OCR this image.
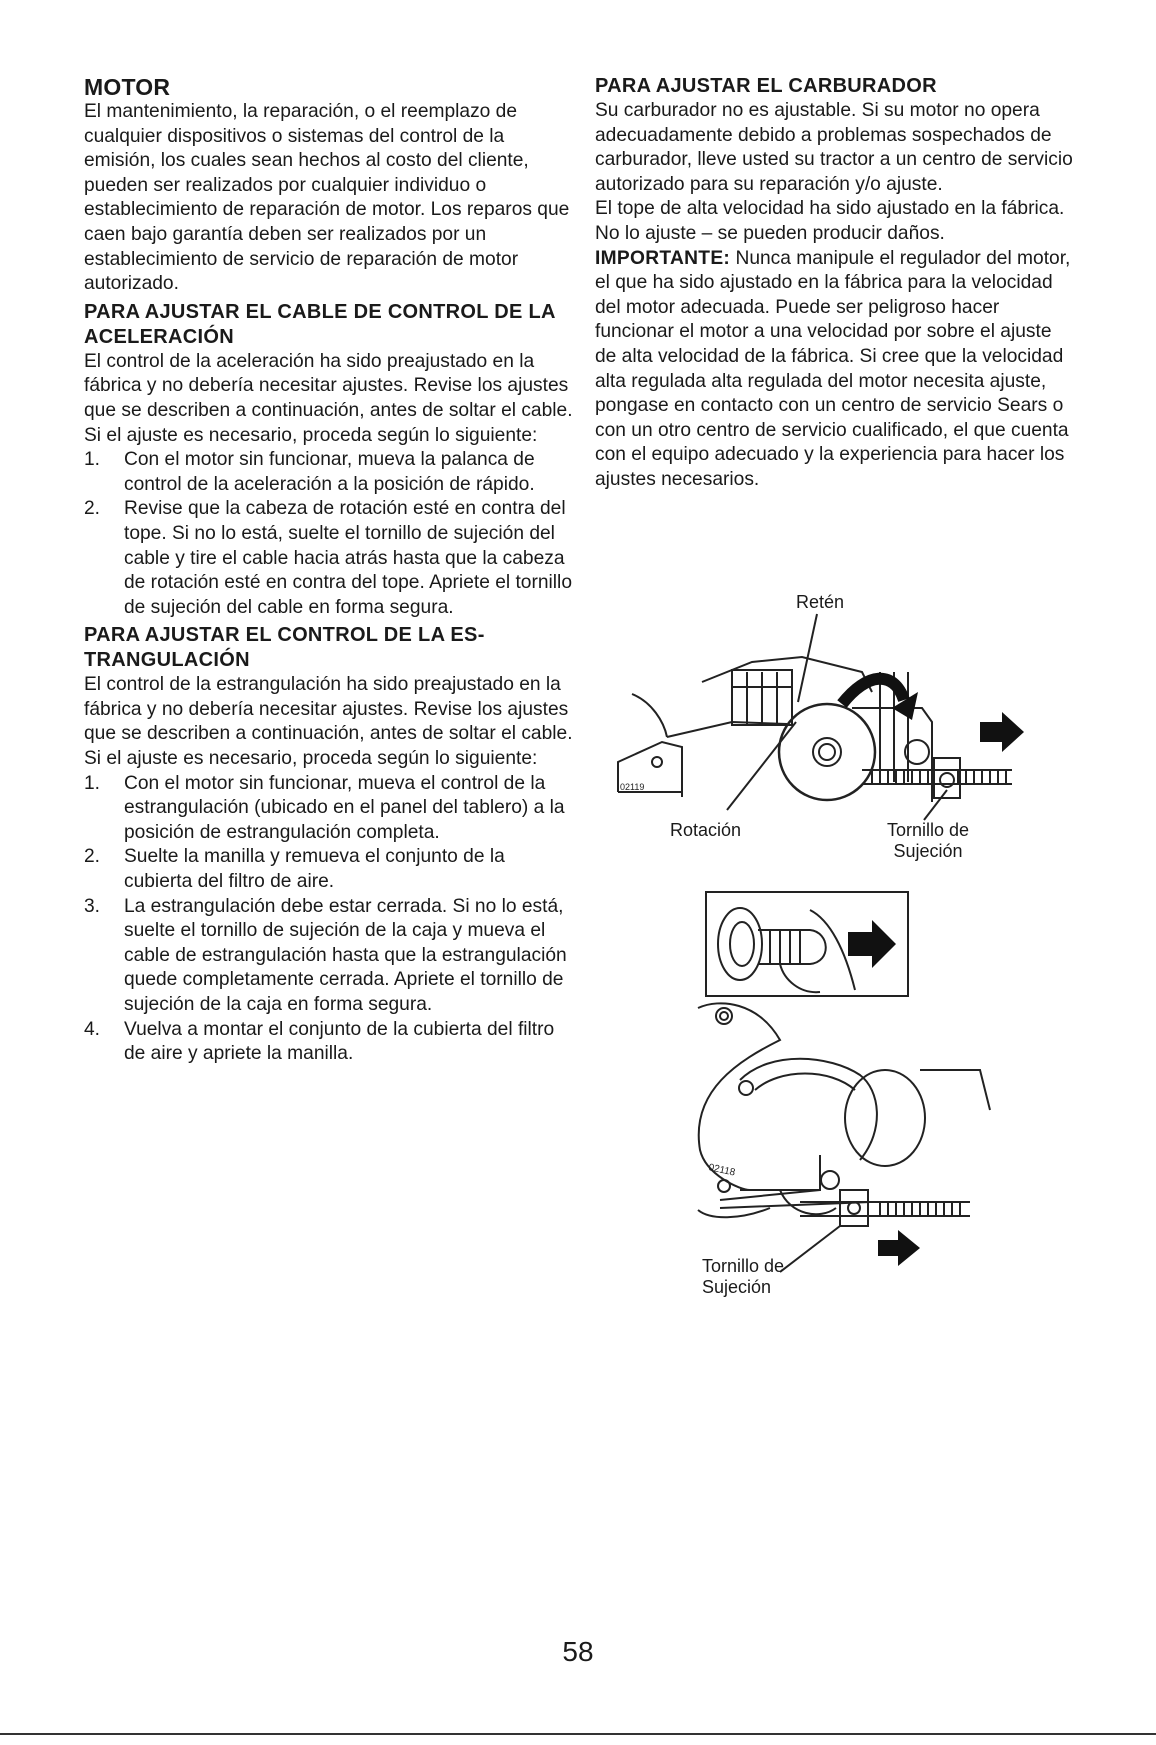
MOTOR

El mantenimiento, la reparación, o el reemplazo de cualquier dispositivos o sistemas del control de la emisión, los cuales sean hechos al costo del cliente, pueden ser realizados por cualquier individuo o establecimiento de reparación de motor. Los reparos que caen bajo garantía deben ser realizados por un establecimiento de servicio de reparación de motor autorizado.

PARA AJUSTAR EL CABLE DE CONTROL DE LA ACELERACIÓN

El control de la aceleración ha sido preajustado en la fábrica y no debería necesitar ajustes. Revise los ajustes que se describen a continuación, antes de soltar el cable. Si el ajuste es necesario, proceda según lo siguiente:

1. Con el motor sin funcionar, mueva la palanca de control de la aceleración a la posición de rápido.
2. Revise que la cabeza de rotación esté en contra del tope. Si no lo está, suelte el tornillo de sujeción del cable y tire el cable hacia atrás hasta que la cabeza de rotación esté en contra del tope. Apriete el tornillo de sujeción del cable en forma segura.
PARA AJUSTAR EL CONTROL DE LA ES-TRANGULACIÓN

El control de la estrangulación ha sido preajustado en la fábrica y no debería necesitar ajustes. Revise los ajustes que se describen a continuación, antes de soltar el cable. Si el ajuste es necesario, proceda según lo siguiente:

1. Con el motor sin funcionar, mueva el control de la estrangulación (ubicado en el panel del tablero) a la posición de estrangulación completa.
2. Suelte la manilla y remueva el conjunto de la cubierta del filtro de aire.
3. La estrangulación debe estar cerrada. Si no lo está, suelte el tornillo de sujeción de la caja y mueva el cable de estrangulación hasta que la estrangulación quede completamente cerrada. Apriete el tornillo de sujeción de la caja en forma segura.
4. Vuelva a montar el conjunto de la cubierta del filtro de aire y apriete la manilla.
PARA AJUSTAR EL CARBURADOR

Su carburador no es ajustable. Si su motor no opera adecuadamente debido a problemas sospechados de carburador, lleve usted su tractor a un centro de servicio autorizado para su reparación y/o ajuste.

El tope de alta velocidad ha sido ajustado en la fábrica. No lo ajuste – se pueden producir daños.

IMPORTANTE: Nunca manipule el regulador del motor, el que ha sido ajustado en la fábrica para la velocidad del motor adecuada. Puede ser peligroso hacer funcionar el motor a una velocidad por sobre el ajuste de alta velocidad de la fábrica. Si cree que la velocidad alta regulada alta regulada del motor necesita ajuste, pongase en contacto con un centro de servicio Sears o con un otro centro de servicio cualificado, el que cuenta con el equipo adecuado y la experiencia para hacer los ajustes necesarios.

Retén
02119
Rotación	Tornillo de Sujeción
02118
Tornillo de Sujeción
58
